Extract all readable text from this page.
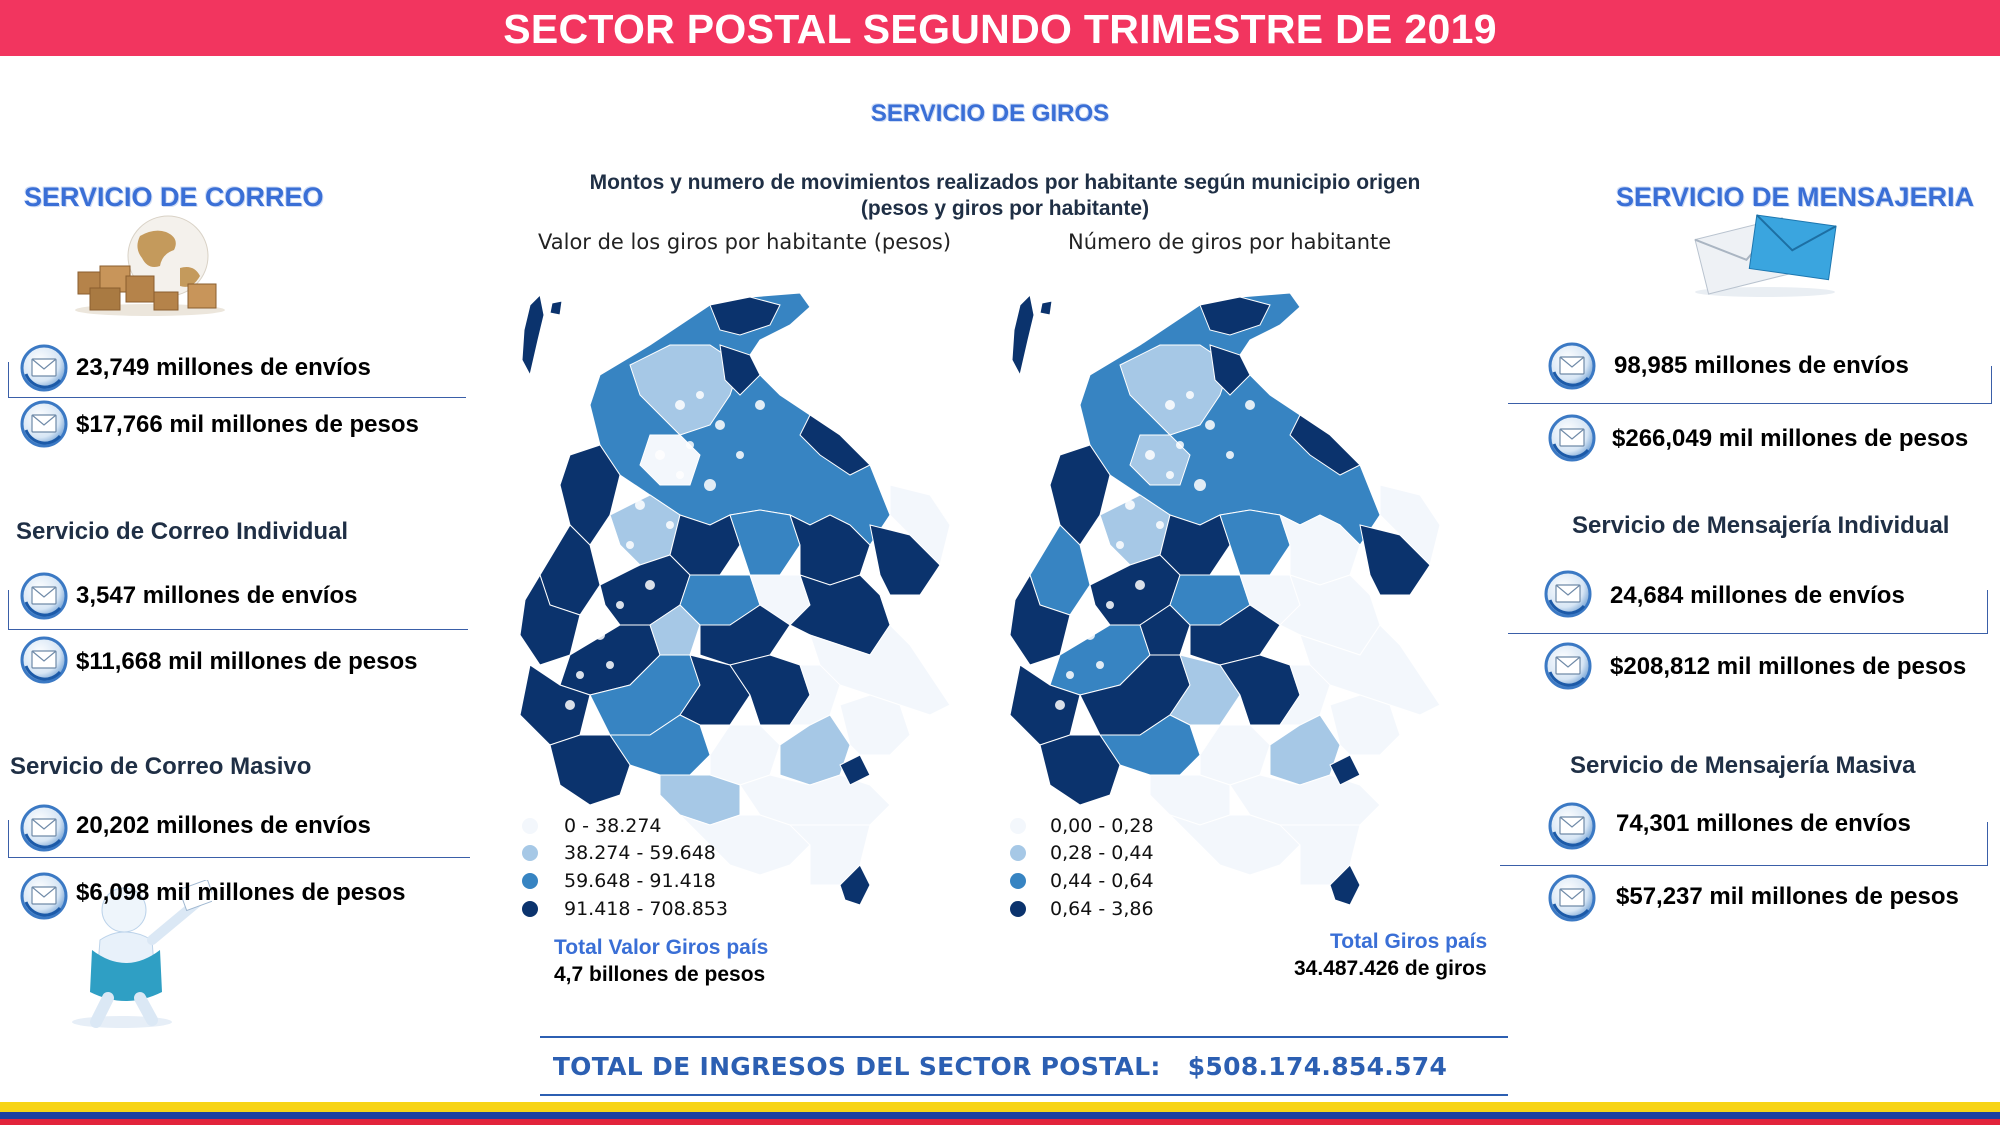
SECTOR POSTAL SEGUNDO TRIMESTRE DE 2019
SERVICIO DE CORREO
23,749 millones de envíos
$17,766 mil millones de pesos
Servicio de Correo Individual
3,547 millones de envíos
$11,668 mil millones de pesos
Servicio de Correo Masivo
20,202 millones de envíos
$6,098 mil millones de pesos
SERVICIO DE GIROS
Montos y numero de movimientos realizados por habitante según municipio origen
(pesos y giros por habitante)
Valor de los giros por habitante (pesos)	Número de giros por habitante
0 - 38.274
38.274 - 59.648
59.648 - 91.418
91.418 - 708.853
Total Valor Giros país
4,7 billones de pesos
0,00 - 0,28
0,28 - 0,44
0,44 - 0,64
0,64 - 3,86
Total Giros país
34.487.426 de giros
TOTAL DE INGRESOS DEL SECTOR POSTAL:   $508.174.854.574
SERVICIO DE MENSAJERIA
98,985 millones de envíos
$266,049 mil millones de pesos
Servicio de Mensajería Individual
24,684 millones de envíos
$208,812 mil millones de pesos
Servicio de Mensajería Masiva
74,301 millones de envíos
$57,237 mil millones de pesos
